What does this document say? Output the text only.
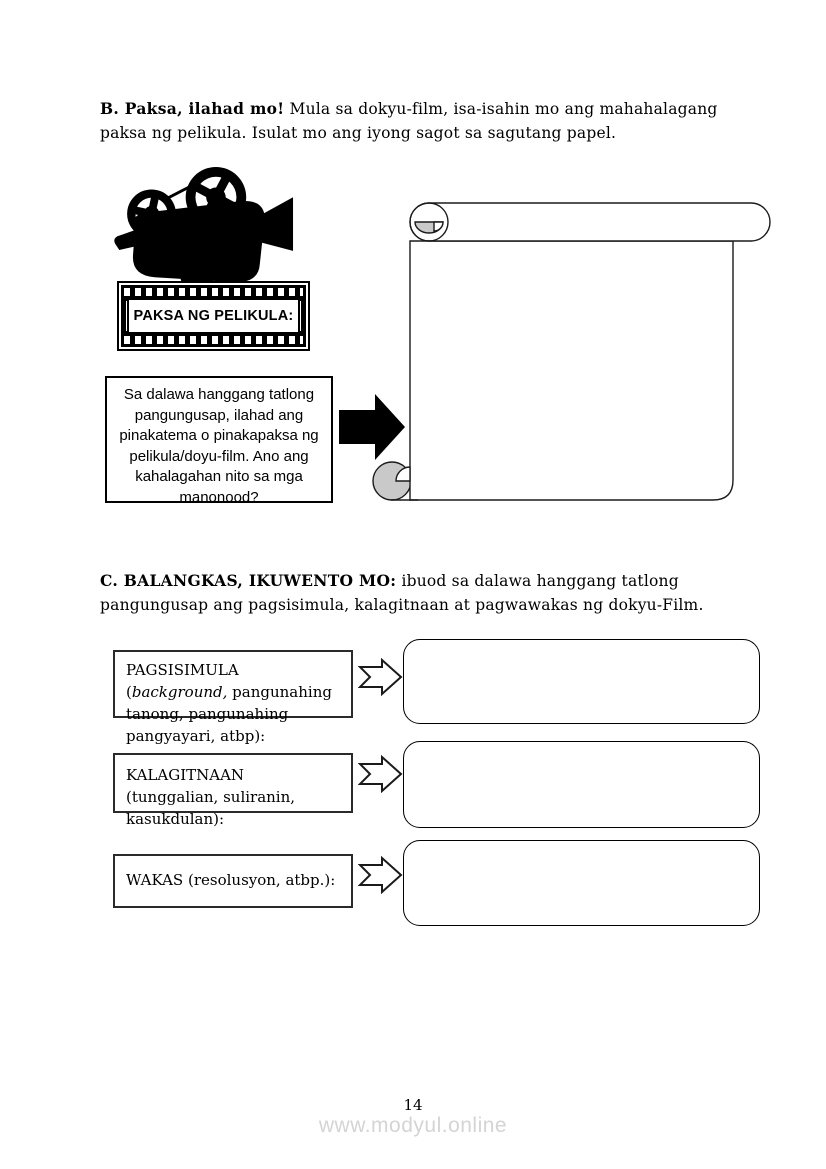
B. Paksa, ilahad mo! Mula sa dokyu-film, isa-isahin mo ang mahahalagang paksa ng pelikula. Isulat mo ang iyong sagot sa sagutang papel.
PAKSA NG PELIKULA:
Sa dalawa hanggang tatlong pangungusap, ilahad ang pinakatema o pinakapaksa ng pelikula/doyu-film. Ano ang kahalagahan nito sa mga manonood?
C. BALANGKAS, IKUWENTO MO: ibuod sa dalawa hanggang tatlong pangungusap ang pagsisimula, kalagitnaan at pagwawakas ng dokyu-Film.
PAGSISIMULA (background, pangunahing tanong, pangunahing pangyayari, atbp):
KALAGITNAAN (tunggalian, suliranin, kasukdulan):
WAKAS (resolusyon, atbp.):
14
www.modyul.online
